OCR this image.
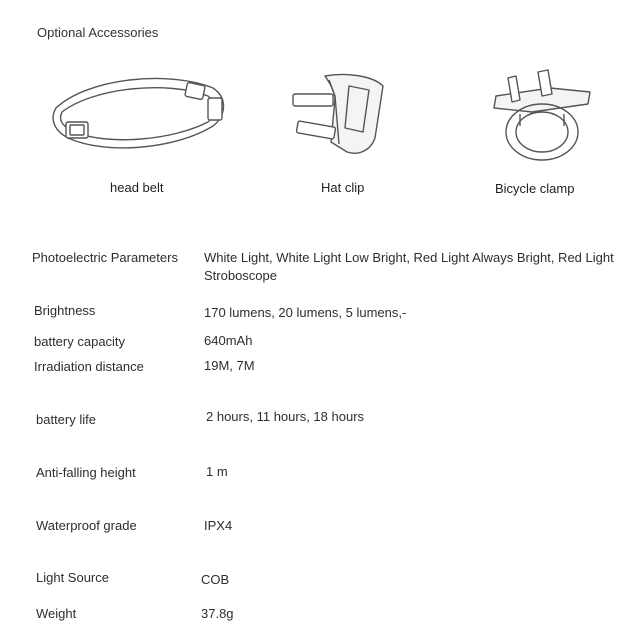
Optional Accessories
head belt	Hat clip	Bicycle clamp
Photoelectric Parameters	White Light, White Light Low Bright, Red Light Always Bright, Red Light Stroboscope
Brightness	170 lumens, 20 lumens, 5 lumens,-
battery capacity	640mAh
Irradiation distance	19M, 7M
battery life	2 hours, 11 hours, 18 hours
Anti-falling height	1 m
Waterproof grade	IPX4
Light Source	COB
Weight	37.8g
